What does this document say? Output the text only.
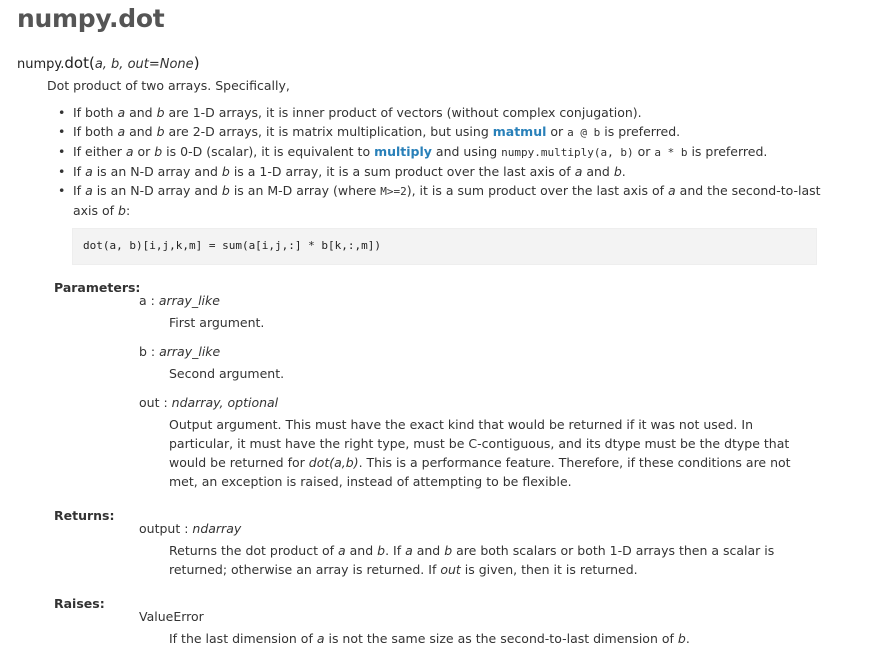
numpy.dot
numpy.dot(a, b, out=None)
Dot product of two arrays. Specifically,
• If both a and b are 1-D arrays, it is inner product of vectors (without complex conjugation).
• If both a and b are 2-D arrays, it is matrix multiplication, but using matmul or a @ b is preferred.
• If either a or b is 0-D (scalar), it is equivalent to multiply and using numpy.multiply(a, b) or a * b is preferred.
• If a is an N-D array and b is a 1-D array, it is a sum product over the last axis of a and b.
• If a is an N-D array and b is an M-D array (where M>=2), it is a sum product over the last axis of a and the second-to-last axis of b:
dot(a, b)[i,j,k,m] = sum(a[i,j,:] * b[k,:,m])
Parameters:
a : array_like
First argument.
b : array_like
Second argument.
out : ndarray, optional
Output argument. This must have the exact kind that would be returned if it was not used. In particular, it must have the right type, must be C-contiguous, and its dtype must be the dtype that would be returned for dot(a,b). This is a performance feature. Therefore, if these conditions are not met, an exception is raised, instead of attempting to be flexible.
Returns:
output : ndarray
Returns the dot product of a and b. If a and b are both scalars or both 1-D arrays then a scalar is returned; otherwise an array is returned. If out is given, then it is returned.
Raises:
ValueError
If the last dimension of a is not the same size as the second-to-last dimension of b.
